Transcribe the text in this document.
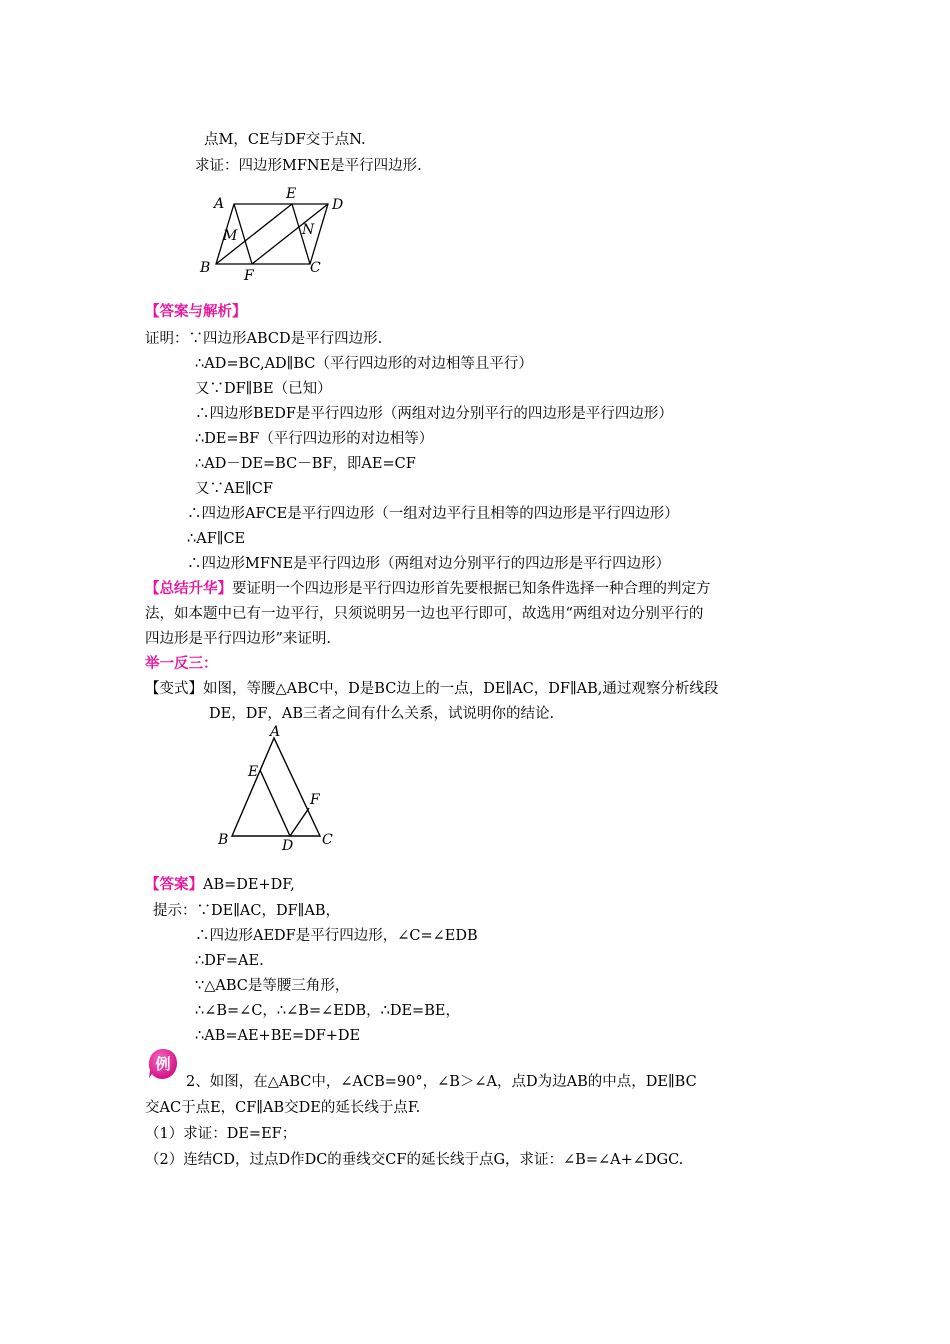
点M，CE与DF交于点N.
求证：四边形MFNE是平行四边形.
A
E
D
M	N
B F	C
【答案与解析】
证明：∵四边形ABCD是平行四边形.
∴AD=BC,AD∥BC（平行四边形的对边相等且平行）
又∵DF∥BE（已知）
∴四边形BEDF是平行四边形（两组对边分别平行的四边形是平行四边形）
∴DE=BF（平行四边形的对边相等）
∴AD－DE=BC－BF，即AE=CF
又∵AE∥CF
∴四边形AFCE是平行四边形（一组对边平行且相等的四边形是平行四边形）
∴AF∥CE
∴四边形MFNE是平行四边形（两组对边分别平行的四边形是平行四边形）
【总结升华】要证明一个四边形是平行四边形首先要根据已知条件选择一种合理的判定方
法，如本题中已有一边平行，只须说明另一边也平行即可，故选用“两组对边分别平行的
四边形是平行四边形”来证明.
举一反三：
【变式】如图，等腰△ABC中，D是BC边上的一点，DE∥AC，DF∥AB,通过观察分析线段
DE，DF，AB三者之间有什么关系，试说明你的结论.
A
E
F
B	D C
【答案】AB=DE+DF,
提示：∵DE∥AC，DF∥AB，
∴四边形AEDF是平行四边形，∠C=∠EDB
∴DF=AE.
∵△ABC是等腰三角形，
∴∠B=∠C，∴∠B=∠EDB，∴DE=BE，
∴AB=AE+BE=DF+DE
例
2、如图，在△ABC中，∠ACB=90°，∠B＞∠A，点D为边AB的中点，DE∥BC
交AC于点E，CF∥AB交DE的延长线于点F.
（1）求证：DE=EF；
（2）连结CD，过点D作DC的垂线交CF的延长线于点G，求证：∠B=∠A+∠DGC.
